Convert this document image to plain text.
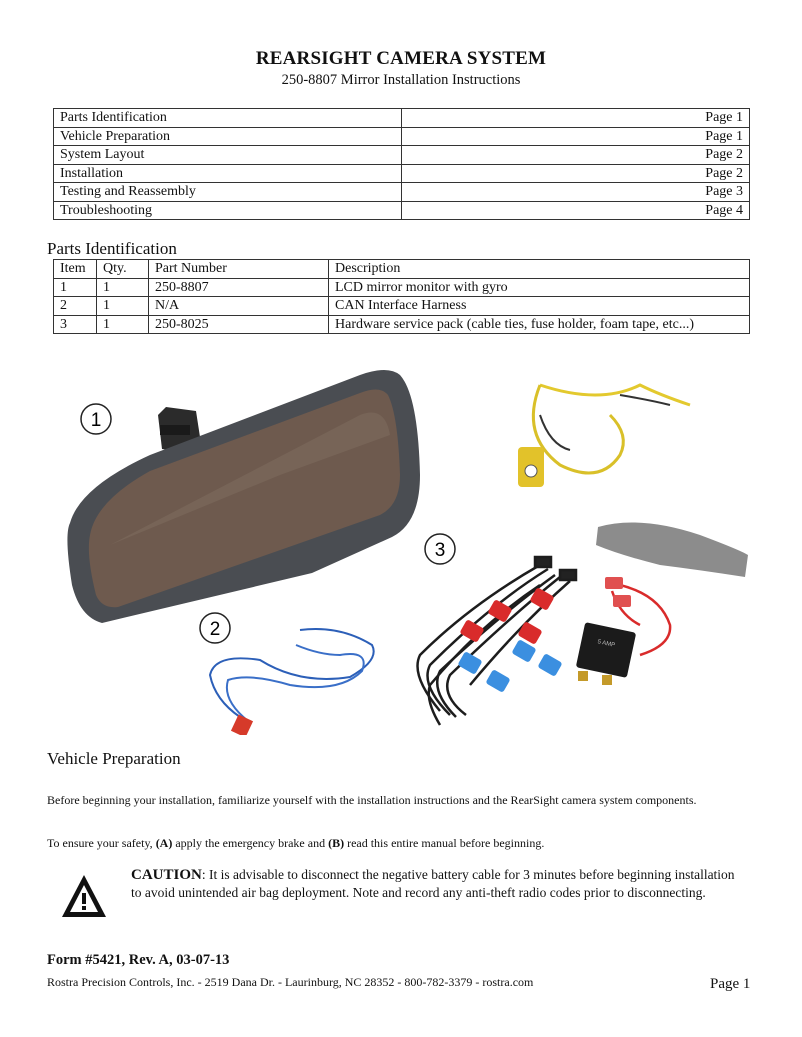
REARSIGHT CAMERA SYSTEM
250-8807 Mirror Installation Instructions
Parts Identification	Page 1
Vehicle Preparation	Page 1
System Layout	Page 2
Installation	Page 2
Testing and Reassembly	Page 3
Troubleshooting	Page 4
Parts Identification
Item	Qty.	Part Number	Description
1	1	250-8807	LCD mirror monitor with gyro
2	1	N/A	CAN Interface Harness
3	1	250-8025	Hardware service pack (cable ties, fuse holder, foam tape, etc...)
1
2
3
5 AMP
Vehicle Preparation
Before beginning your installation, familiarize yourself with the installation instructions and the RearSight camera system components.
To ensure your safety, (A) apply the emergency brake and (B) read this entire manual before beginning.
CAUTION: It is advisable to disconnect the negative battery cable for 3 minutes before beginning installation to avoid unintended air bag deployment. Note and record any anti-theft radio codes prior to disconnecting.
Form #5421, Rev. A, 03-07-13
Rostra Precision Controls, Inc. - 2519 Dana Dr. - Laurinburg, NC 28352 - 800-782-3379 - rostra.com	Page 1
